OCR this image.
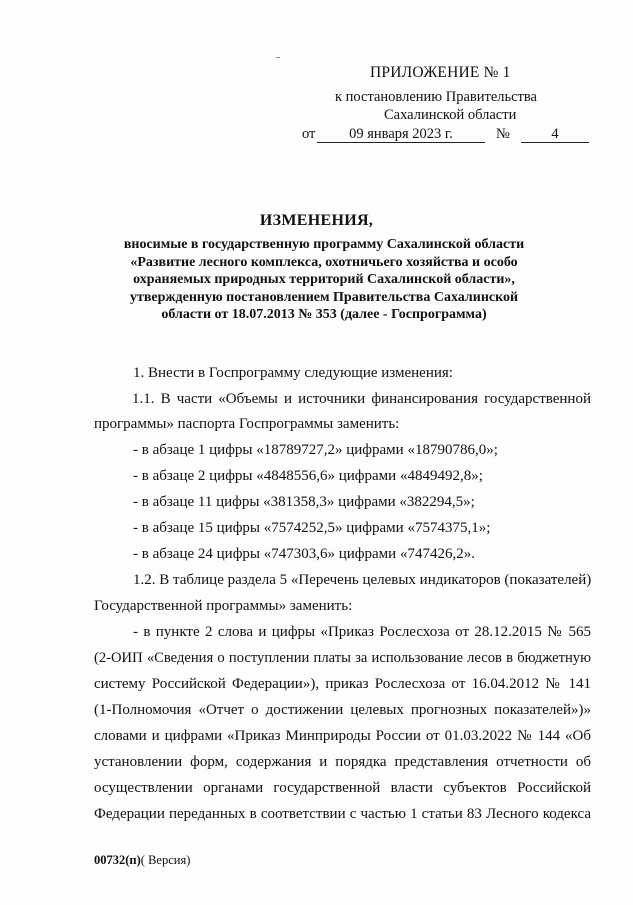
ПРИЛОЖЕНИЕ № 1
к постановлению Правительства
Сахалинской области
от	09 января 2023 г.	№	4
ИЗМЕНЕНИЯ,
вносимые в государственную программу Сахалинской области
«Развитие лесного комплекса, охотничьего хозяйства и особо
охраняемых природных территорий Сахалинской области»,
утвержденную постановлением Правительства Сахалинской
области от 18.07.2013 № 353 (далее - Госпрограмма)
1. Внести в Госпрограмму следующие изменения:
1.1. В части «Объемы и источники финансирования государственной
программы» паспорта Госпрограммы заменить:
- в абзаце 1 цифры «18789727,2» цифрами «18790786,0»;
- в абзаце 2 цифры «4848556,6» цифрами «4849492,8»;
- в абзаце 11 цифры «381358,3» цифрами «382294,5»;
- в абзаце 15 цифры «7574252,5» цифрами «7574375,1»;
- в абзаце 24 цифры «747303,6» цифрами «747426,2».
1.2. В таблице раздела 5 «Перечень целевых индикаторов (показателей)
Государственной программы» заменить:
- в пункте 2 слова и цифры «Приказ Рослесхоза от 28.12.2015 № 565
(2-ОИП «Сведения о поступлении платы за использование лесов в бюджетную
систему Российской Федерации»), приказ Рослесхоза от 16.04.2012 № 141
(1-Полномочия «Отчет о достижении целевых прогнозных показателей»)»
словами и цифрами «Приказ Минприроды России от 01.03.2022 № 144 «Об
установлении форм, содержания и порядка представления отчетности об
осуществлении органами государственной власти субъектов Российской
Федерации переданных в соответствии с частью 1 статьи 83 Лесного кодекса
00732(п)( Версия)
